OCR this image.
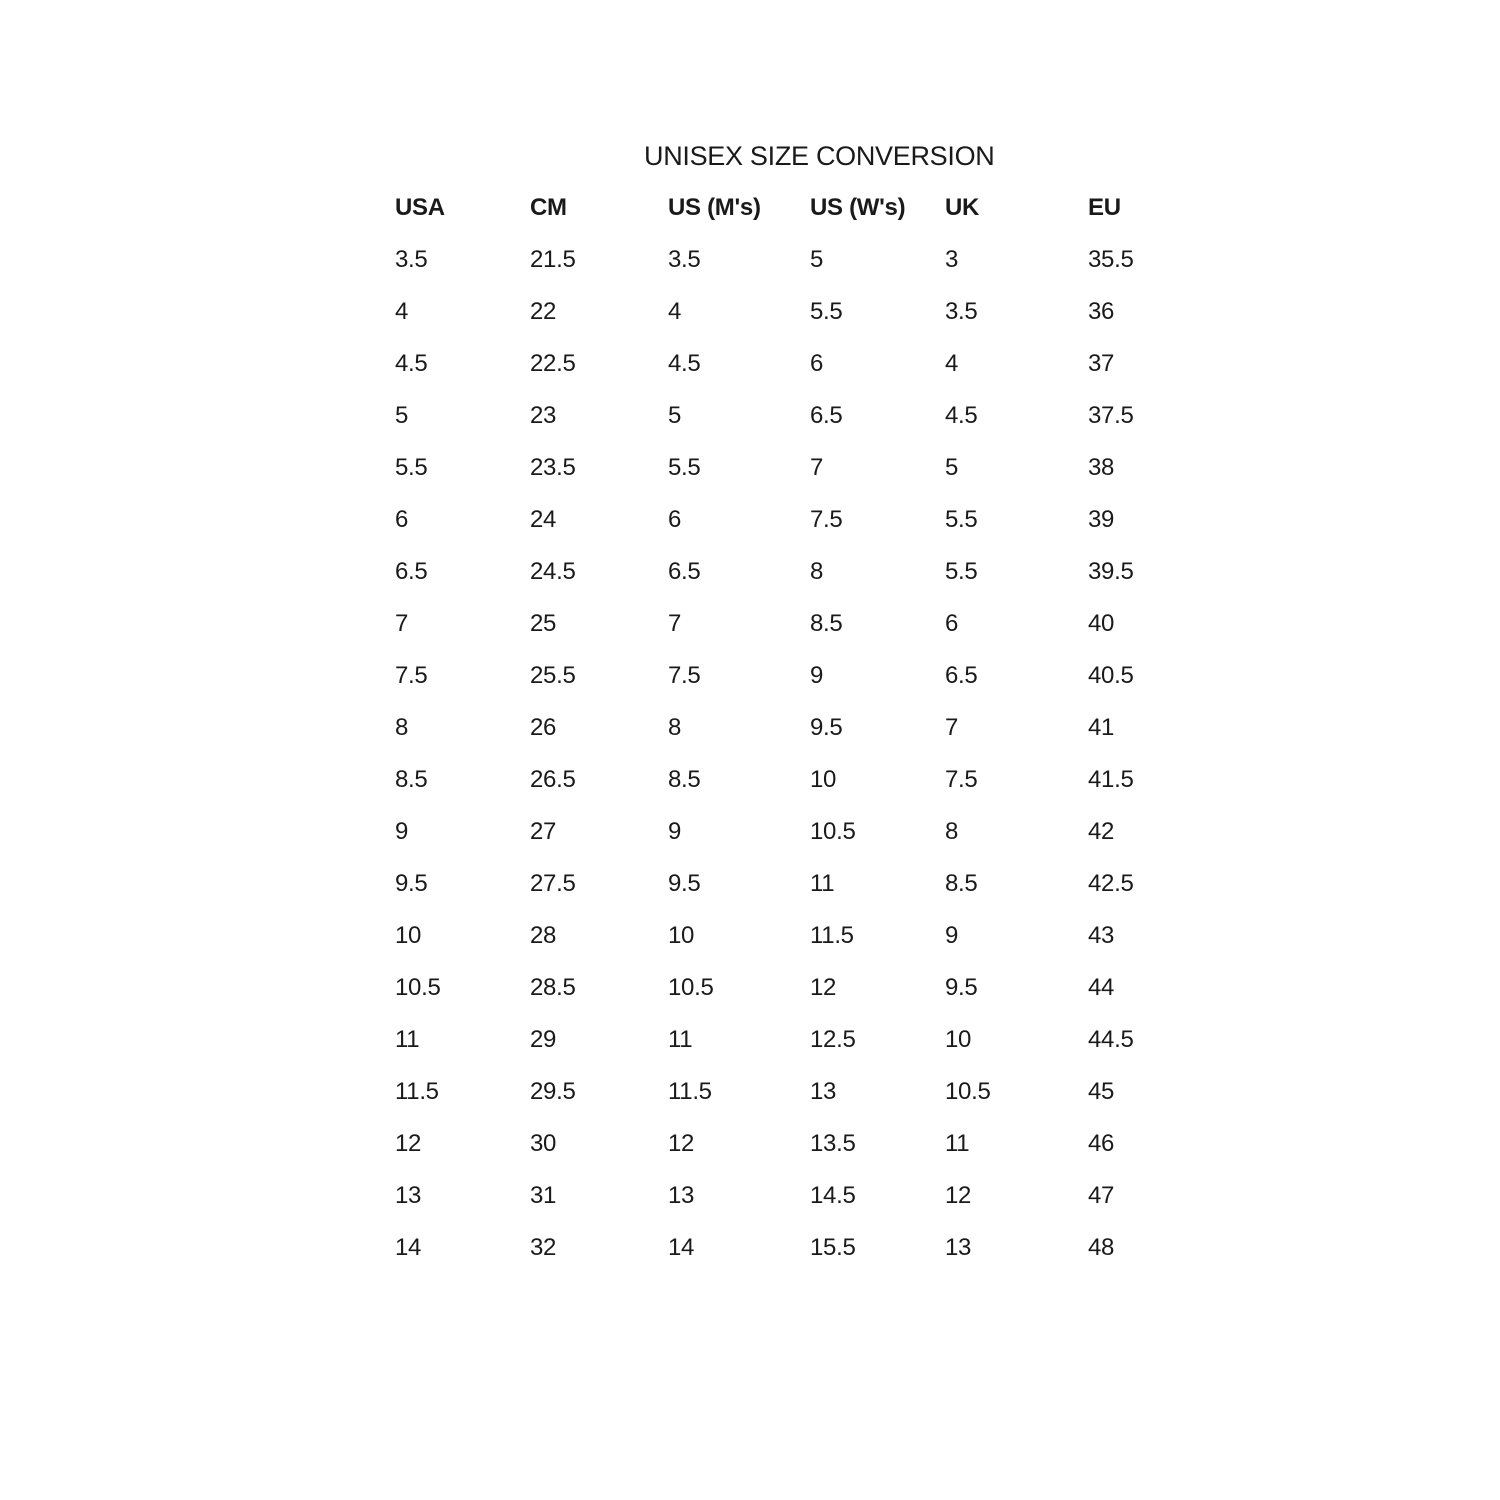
UNISEX SIZE CONVERSION
USA	CM	US (M's)	US (W's)	UK	EU
3.5	21.5	3.5	5	3	35.5
4	22	4	5.5	3.5	36
4.5	22.5	4.5	6	4	37
5	23	5	6.5	4.5	37.5
5.5	23.5	5.5	7	5	38
6	24	6	7.5	5.5	39
6.5	24.5	6.5	8	5.5	39.5
7	25	7	8.5	6	40
7.5	25.5	7.5	9	6.5	40.5
8	26	8	9.5	7	41
8.5	26.5	8.5	10	7.5	41.5
9	27	9	10.5	8	42
9.5	27.5	9.5	11	8.5	42.5
10	28	10	11.5	9	43
10.5	28.5	10.5	12	9.5	44
11	29	11	12.5	10	44.5
11.5	29.5	11.5	13	10.5	45
12	30	12	13.5	11	46
13	31	13	14.5	12	47
14	32	14	15.5	13	48
